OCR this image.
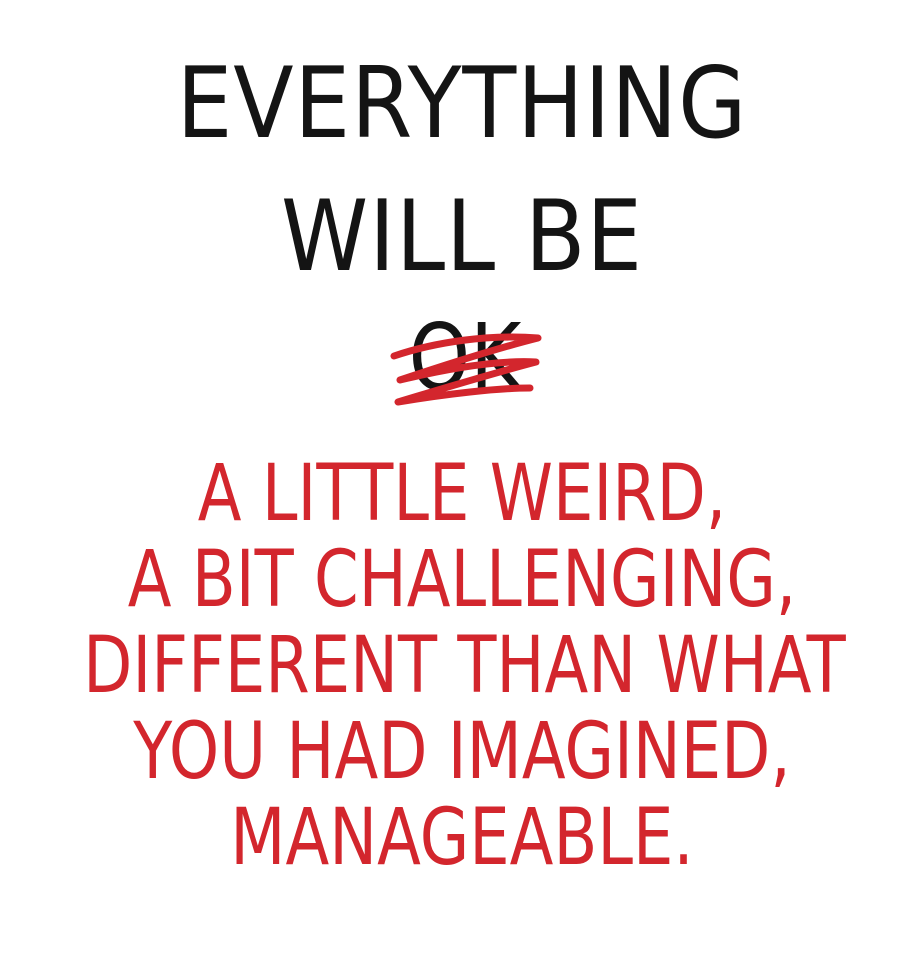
EVERYTHING
WILL BE
OK
A LITTLE WEIRD,
A BIT CHALLENGING,
DIFFERENT THAN WHAT
YOU HAD IMAGINED,
MANAGEABLE.
